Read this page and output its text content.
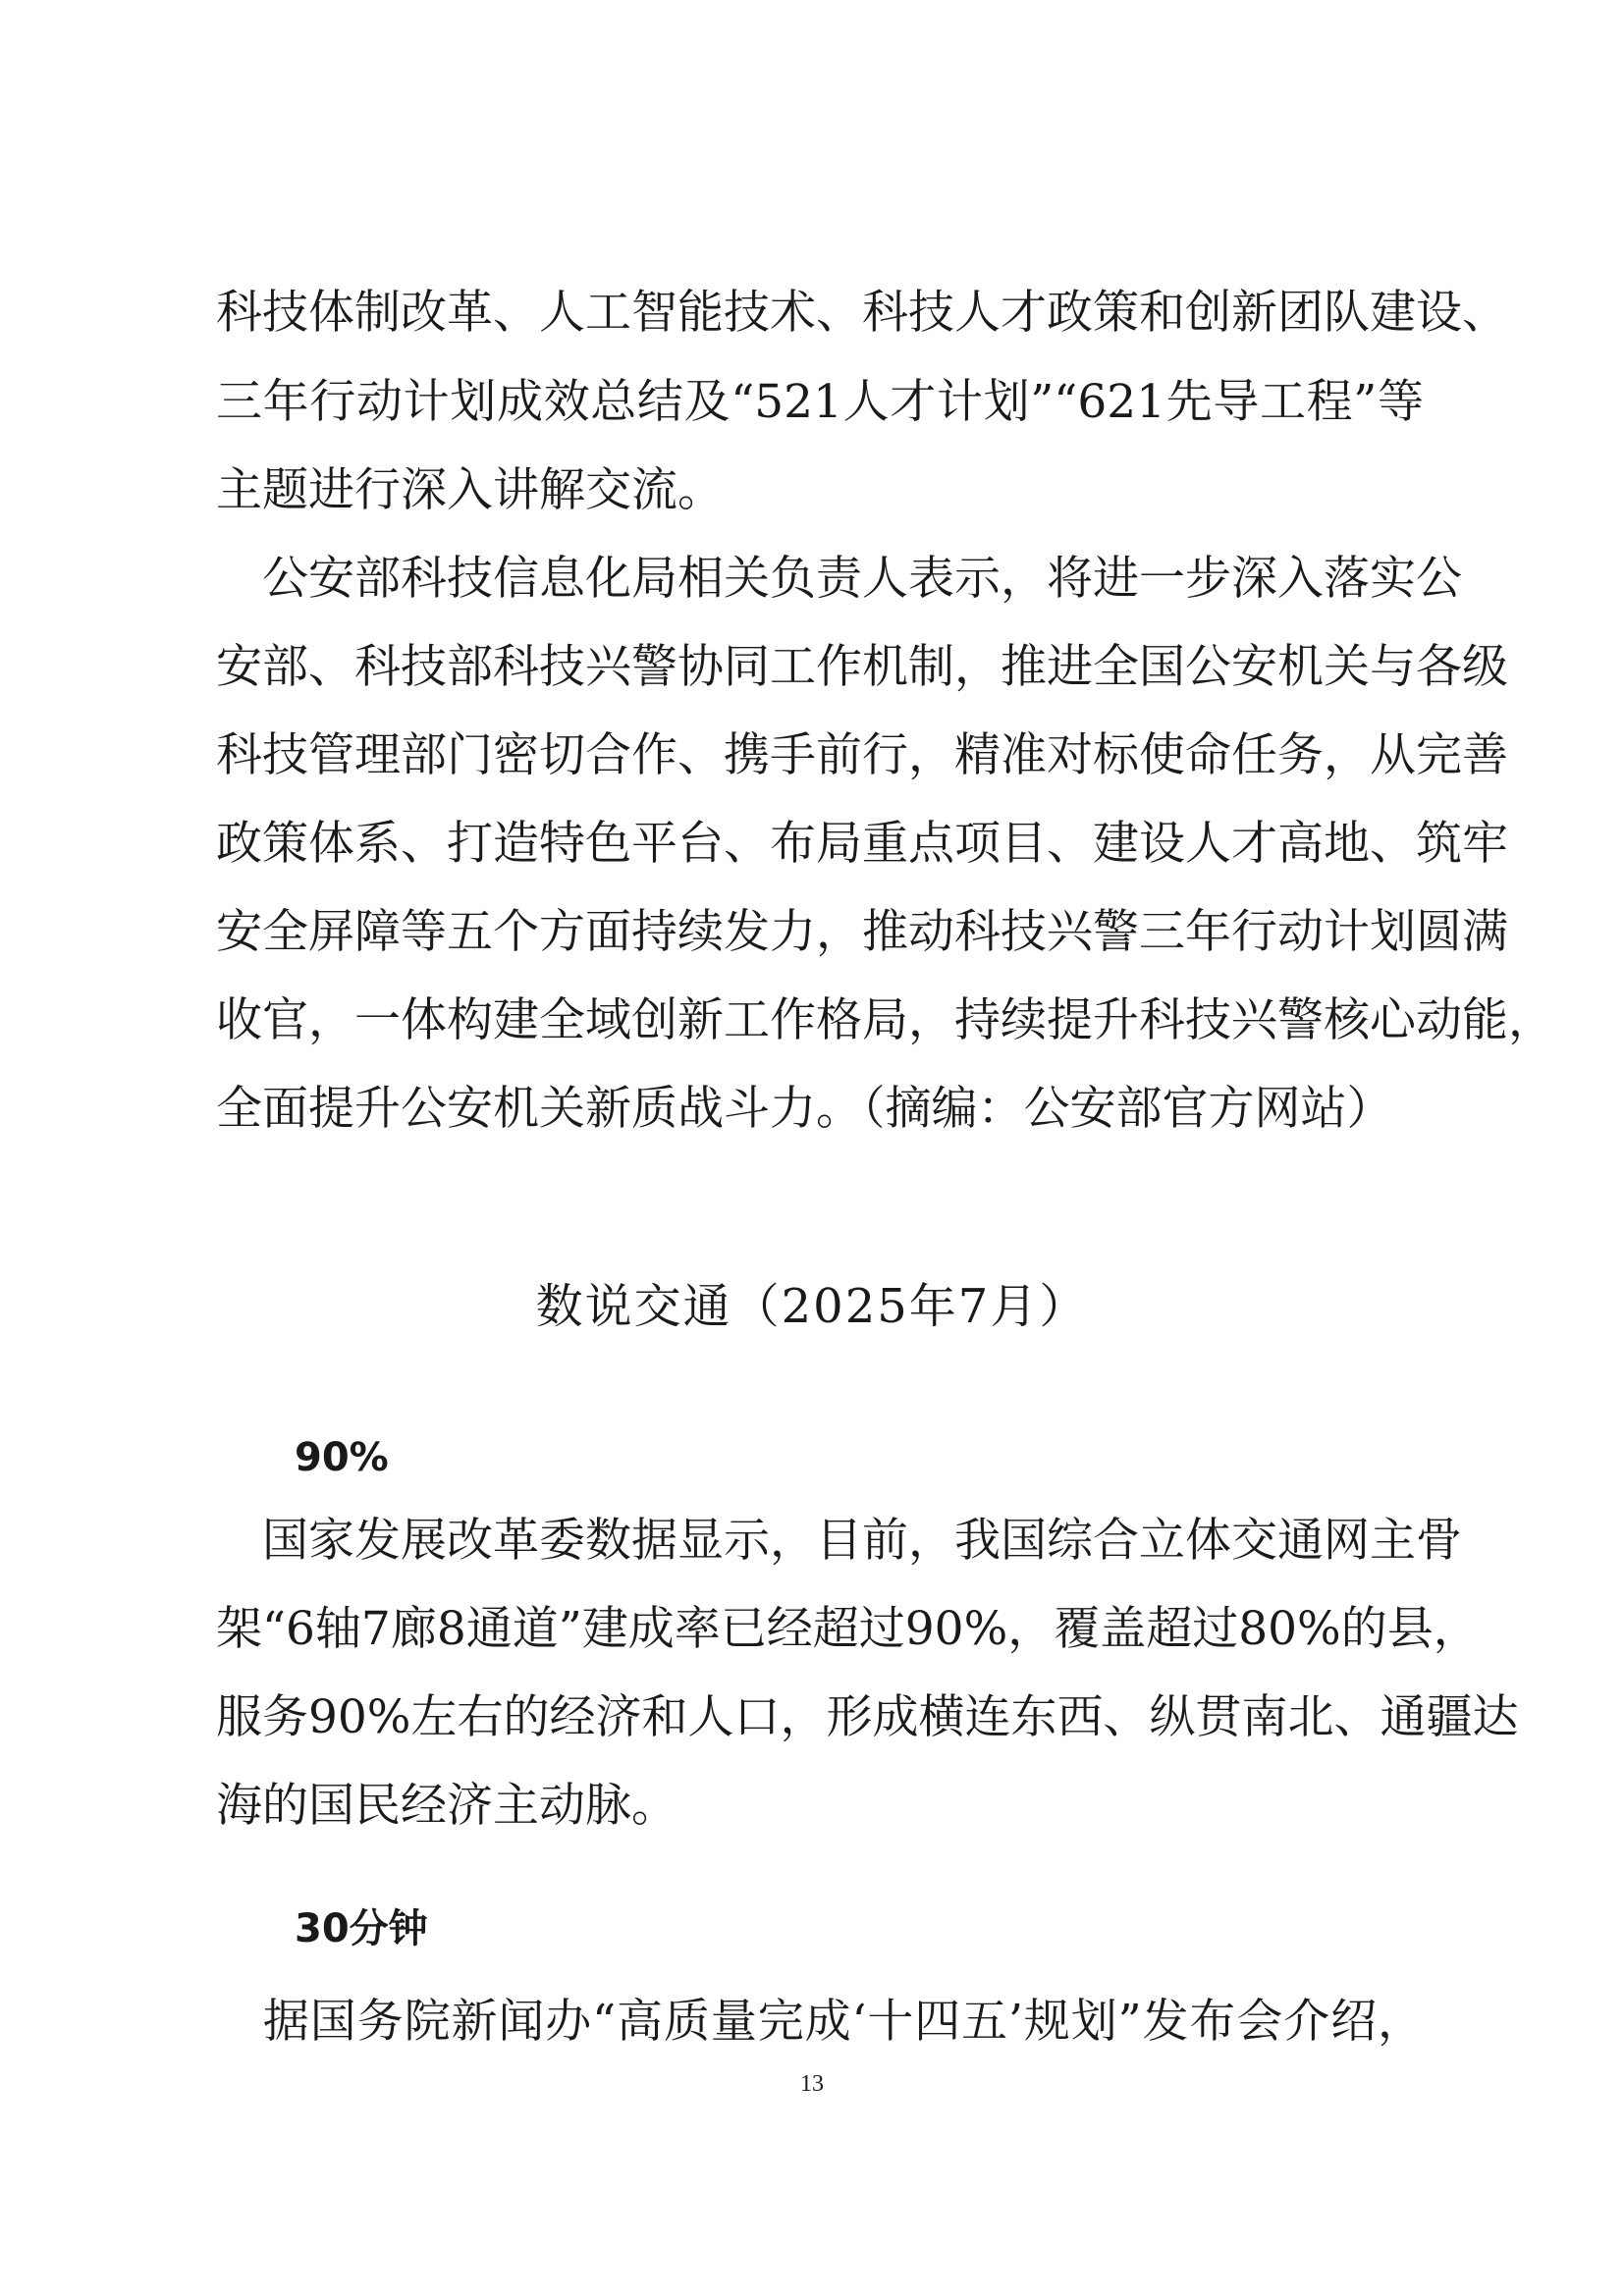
科技体制改革、人工智能技术、科技人才政策和创新团队建设、
三年行动计划成效总结及“521人才计划”“621先导工程”等
主题进行深入讲解交流。
　公安部科技信息化局相关负责人表示，将进一步深入落实公
安部、科技部科技兴警协同工作机制，推进全国公安机关与各级
科技管理部门密切合作、携手前行，精准对标使命任务，从完善
政策体系、打造特色平台、布局重点项目、建设人才高地、筑牢
安全屏障等五个方面持续发力，推动科技兴警三年行动计划圆满
收官，一体构建全域创新工作格局，持续提升科技兴警核心动能，
全面提升公安机关新质战斗力。（摘编：公安部官方网站）
数说交通（2025年7月）
90%
　国家发展改革委数据显示，目前，我国综合立体交通网主骨
架“6轴7廊8通道”建成率已经超过90%，覆盖超过80%的县，
服务90%左右的经济和人口，形成横连东西、纵贯南北、通疆达
海的国民经济主动脉。
30分钟
　据国务院新闻办“高质量完成‘十四五’规划”发布会介绍，
13
